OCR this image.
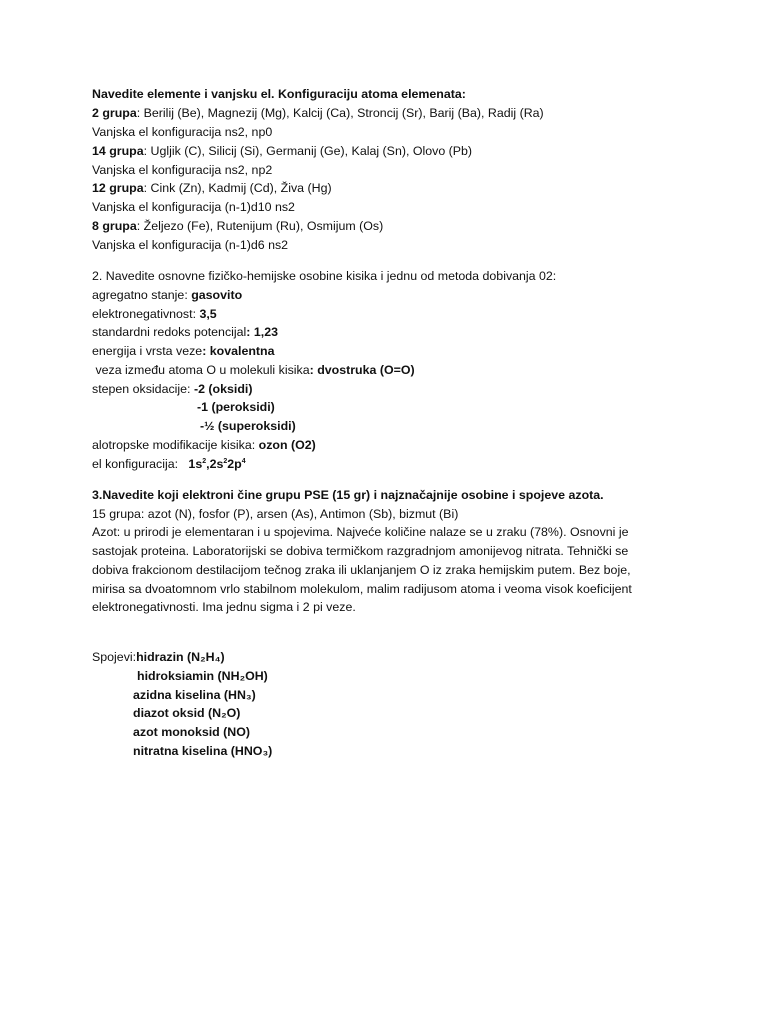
Navedite elemente i vanjsku el. Konfiguraciju atoma elemenata:
2 grupa: Berilij (Be), Magnezij (Mg), Kalcij (Ca), Stroncij (Sr), Barij (Ba), Radij (Ra)
Vanjska el konfiguracija ns2, np0
14 grupa: Ugljik (C), Silicij (Si), Germanij (Ge), Kalaj (Sn), Olovo (Pb)
Vanjska el konfiguracija ns2, np2
12 grupa: Cink (Zn), Kadmij (Cd), Živa (Hg)
Vanjska el konfiguracija (n-1)d10 ns2
8 grupa: Željezo (Fe), Rutenijum (Ru), Osmijum (Os)
Vanjska el konfiguracija (n-1)d6 ns2
2. Navedite osnovne fizičko-hemijske osobine kisika i jednu od metoda dobivanja 02:
agregatno stanje: gasovito
elektronegativnost: 3,5
standardni redoks potencijal: 1,23
energija i vrsta veze: kovalentna
veza između atoma O u molekuli kisika: dvostruka (O=O)
stepen oksidacije: -2 (oksidi)
-1 (peroksidi)
-½ (superoksidi)
alotropske modifikacije kisika: ozon (O2)
el konfiguracija:   $1s^2,2s^22p^4$
3.Navedite koji elektroni čine grupu PSE (15 gr) i najznačajnije osobine i spojeve azota.
15 grupa: azot (N), fosfor (P), arsen (As), Antimon (Sb), bizmut (Bi)
Azot: u prirodi je elementaran i u spojevima. Najveće količine nalaze se u zraku (78%). Osnovni je
sastojak proteina. Laboratorijski se dobiva termičkom razgradnjom amonijevog nitrata. Tehnički se
dobiva frakcionom destilacijom tečnog zraka ili uklanjanjem O iz zraka hemijskim putem. Bez boje,
mirisa sa dvoatomnom vrlo stabilnom molekulom, malim radijusom atoma i veoma visok koeficijent
elektronegativnosti. Ima jednu sigma i 2 pi veze.
Spojevi:hidrazin (N₂H₄)
hidroksiamin (NH₂OH)
azidna kiselina (HN₃)
diazot oksid (N₂O)
azot monoksid (NO)
nitratna kiselina (HNO₃)
